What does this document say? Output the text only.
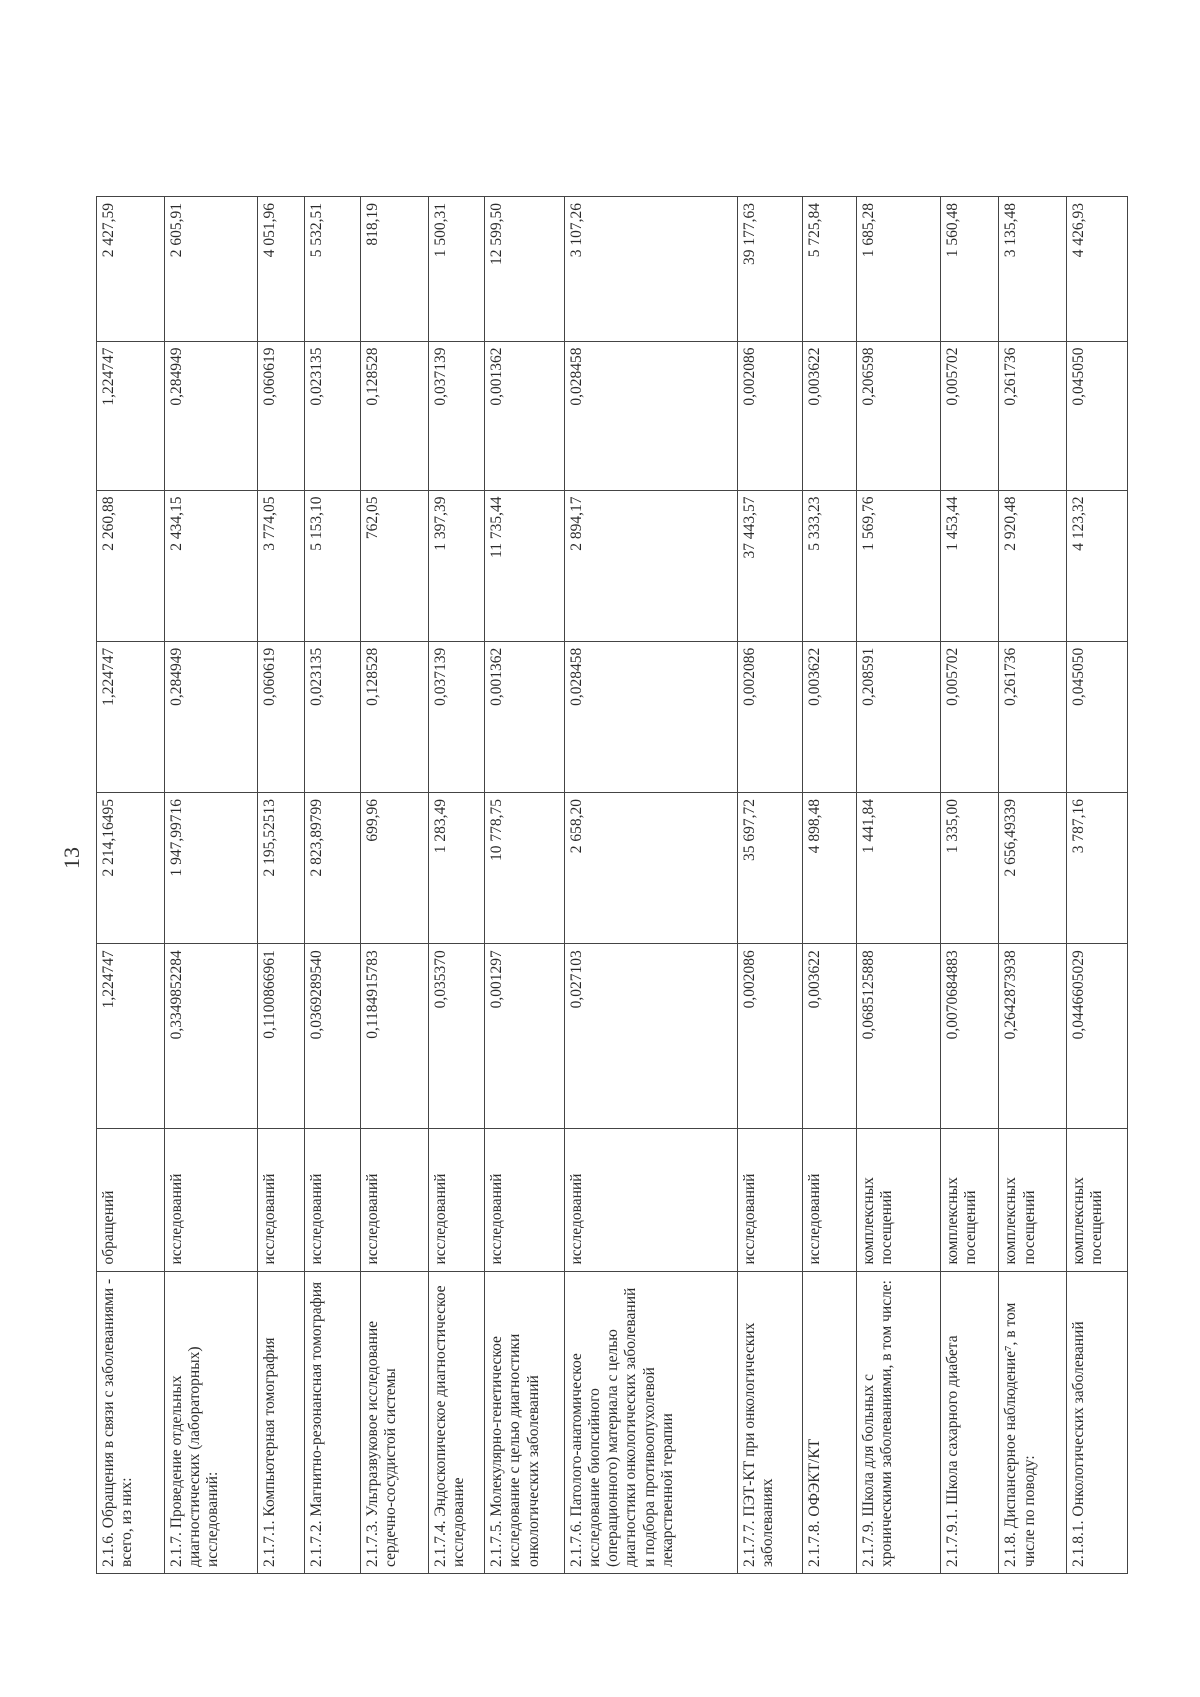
13
2.1.6. Обращения в связи с заболеваниями - всего, из них:	обращений	1,224747	2 214,16495	1,224747	2 260,88	1,224747	2 427,59
2.1.7. Проведение отдельных диагностических (лабораторных) исследований:	исследований	0,3349852284	1 947,99716	0,284949	2 434,15	0,284949	2 605,91
2.1.7.1. Компьютерная томография	исследований	0,1100866961	2 195,52513	0,060619	3 774,05	0,060619	4 051,96
2.1.7.2. Магнитно-резонансная томография	исследований	0,0369289540	2 823,89799	0,023135	5 153,10	0,023135	5 532,51
2.1.7.3. Ультразвуковое исследование сердечно-сосудистой системы	исследований	0,1184915783	699,96	0,128528	762,05	0,128528	818,19
2.1.7.4. Эндоскопическое диагностическое исследование	исследований	0,035370	1 283,49	0,037139	1 397,39	0,037139	1 500,31
2.1.7.5. Молекулярно-генетическое исследование с целью диагностики онкологических заболеваний	исследований	0,001297	10 778,75	0,001362	11 735,44	0,001362	12 599,50
2.1.7.6. Патолого-анатомическое исследование биопсийного (операционного) материала с целью диагностики онкологических заболеваний и подбора противоопухолевой лекарственной терапии	исследований	0,027103	2 658,20	0,028458	2 894,17	0,028458	3 107,26
2.1.7.7. ПЭТ-КТ при онкологических заболеваниях	исследований	0,002086	35 697,72	0,002086	37 443,57	0,002086	39 177,63
2.1.7.8. ОФЭКТ/КТ	исследований	0,003622	4 898,48	0,003622	5 333,23	0,003622	5 725,84
2.1.7.9. Школа для больных с хроническими заболеваниями, в том числе:	комплексных посещений	0,0685125888	1 441,84	0,208591	1 569,76	0,206598	1 685,28
2.1.7.9.1. Школа сахарного диабета	комплексных посещений	0,0070684883	1 335,00	0,005702	1 453,44	0,005702	1 560,48
2.1.8. Диспансерное наблюдение⁷, в том числе по поводу:	комплексных посещений	0,2642873938	2 656,49339	0,261736	2 920,48	0,261736	3 135,48
2.1.8.1. Онкологических заболеваний	комплексных посещений	0,0446605029	3 787,16	0,045050	4 123,32	0,045050	4 426,93
